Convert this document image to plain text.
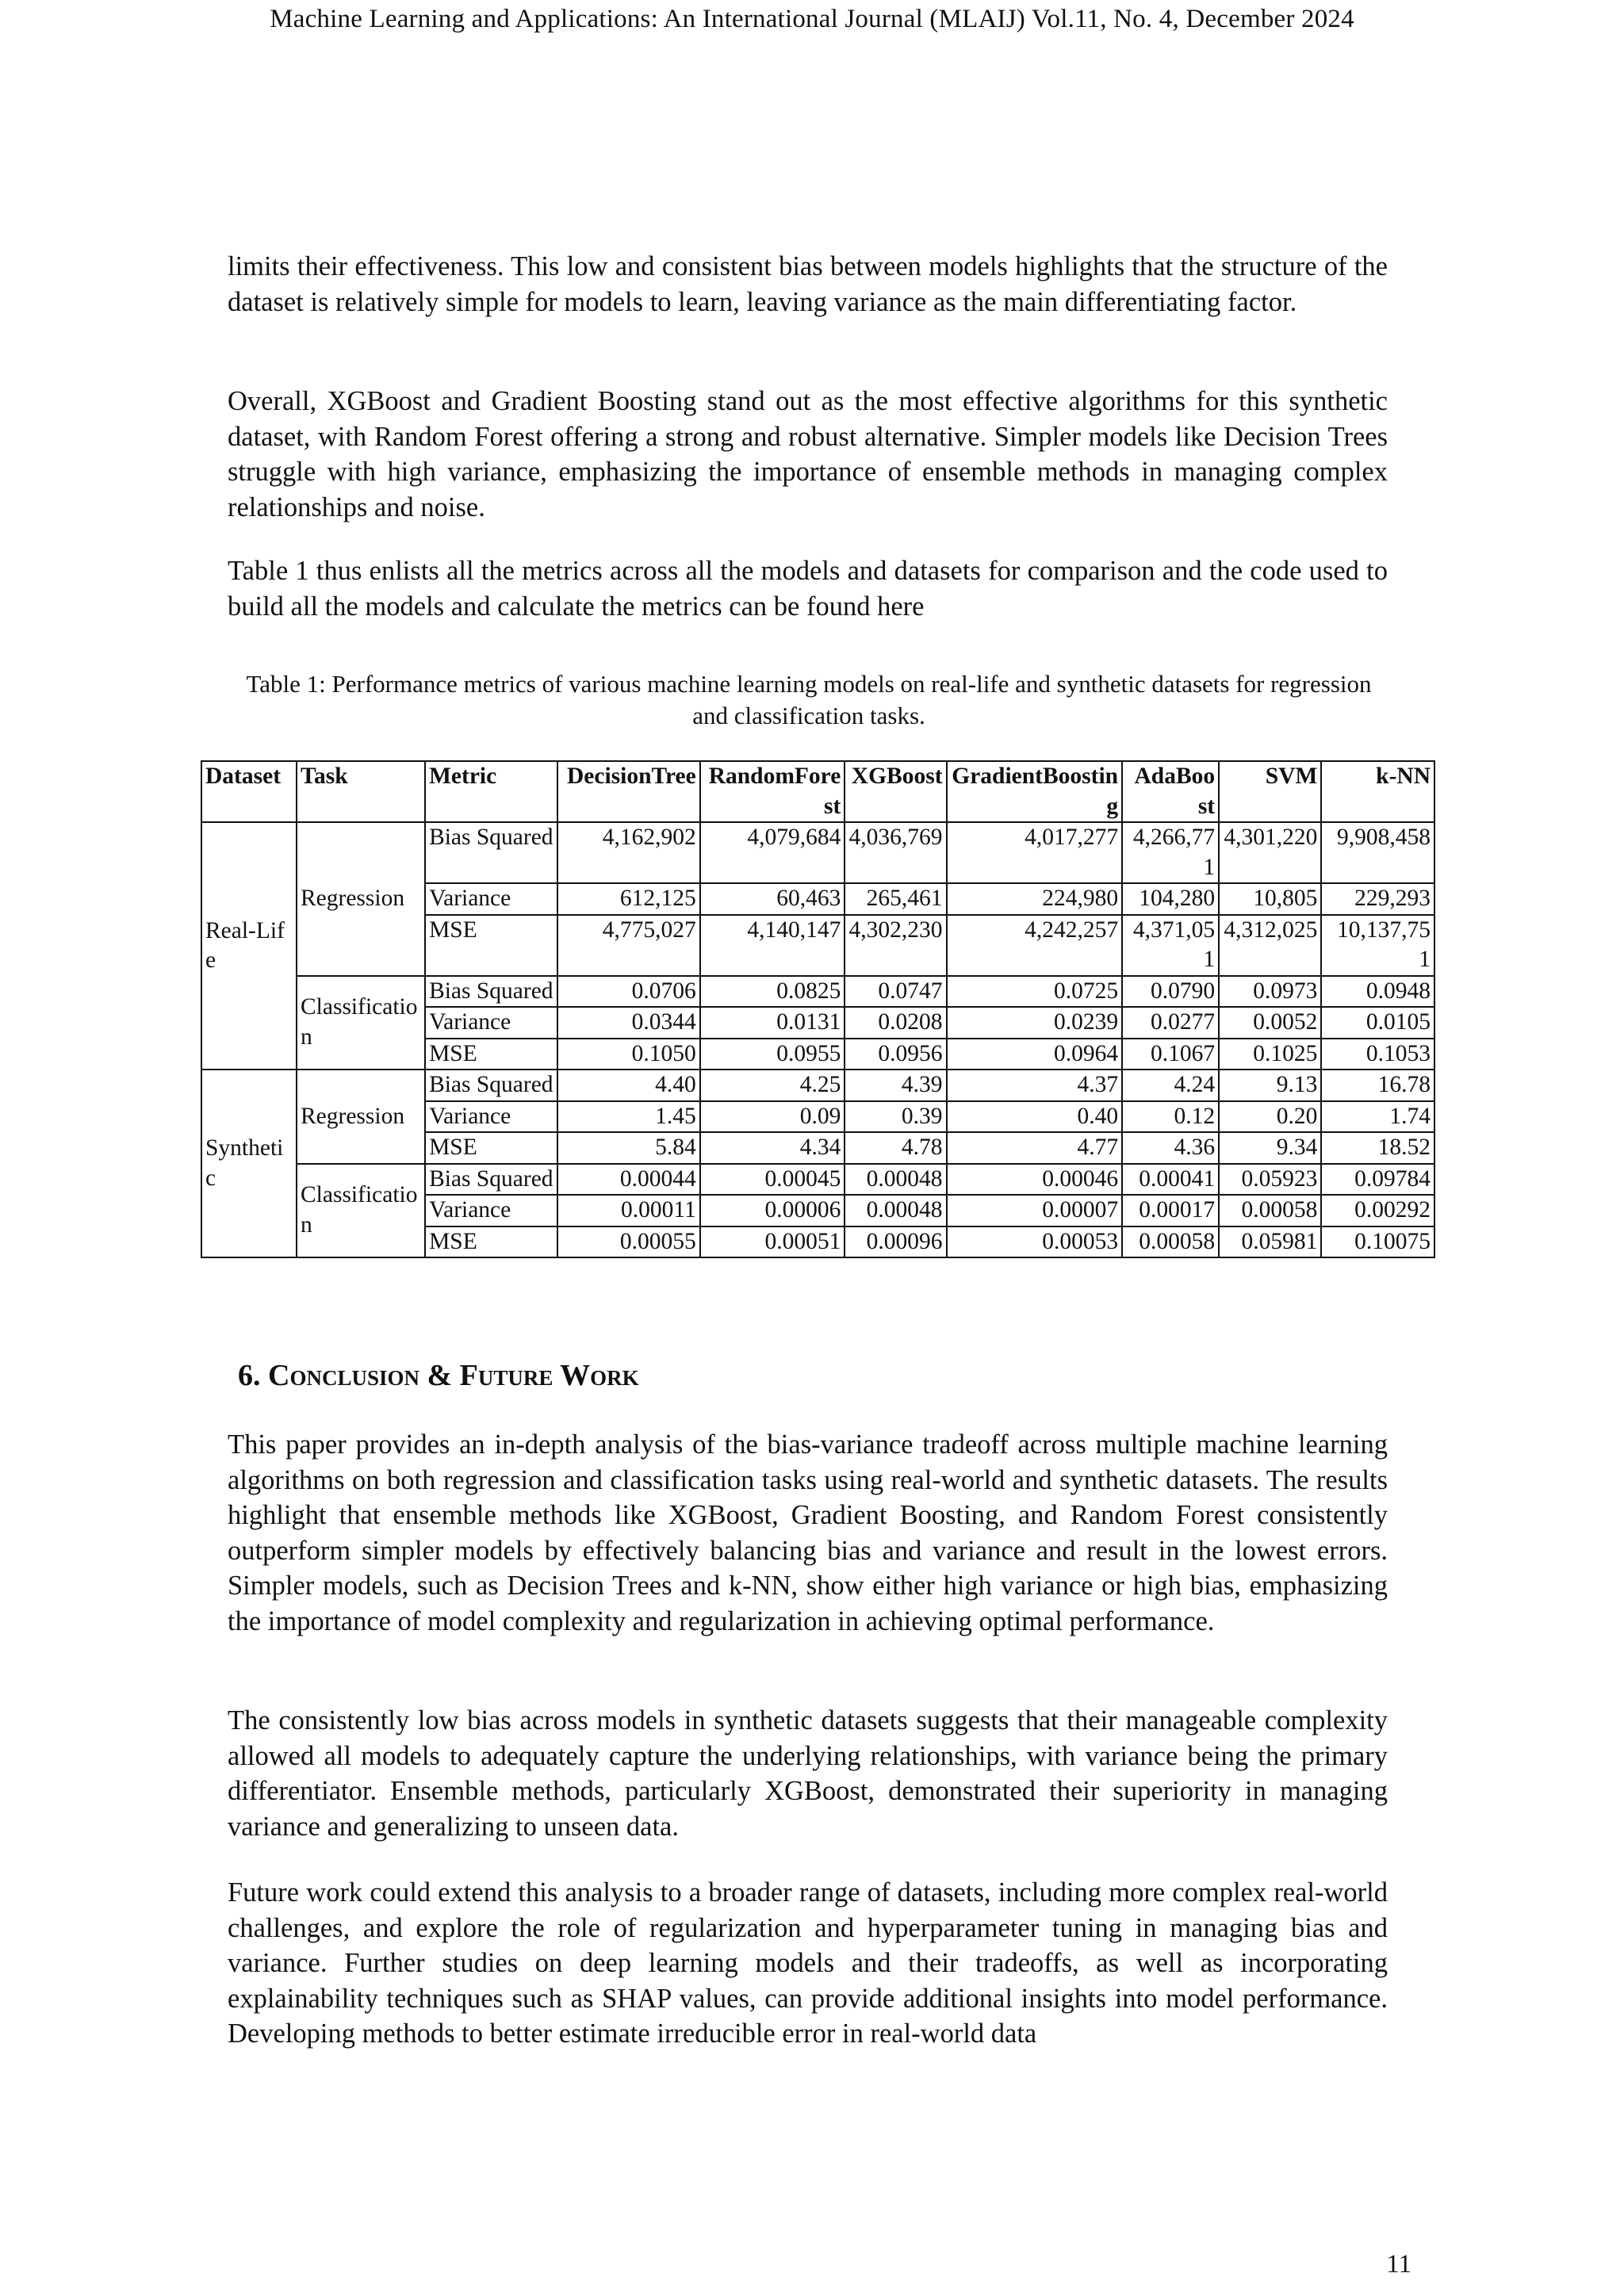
Machine Learning and Applications: An International Journal (MLAIJ) Vol.11, No. 4, December 2024

limits their effectiveness. This low and consistent bias between models highlights that the structure of the dataset is relatively simple for models to learn, leaving variance as the main differentiating factor.

Overall, XGBoost and Gradient Boosting stand out as the most effective algorithms for this synthetic dataset, with Random Forest offering a strong and robust alternative. Simpler models like Decision Trees struggle with high variance, emphasizing the importance of ensemble methods in managing complex relationships and noise.

Table 1 thus enlists all the metrics across all the models and datasets for comparison and the code used to build all the models and calculate the metrics can be found here

Table 1: Performance metrics of various machine learning models on real-life and synthetic datasets for regression and classification tasks.
Dataset	Task	Metric	DecisionTree	RandomForest	XGBoost	GradientBoosting	AdaBoost	SVM	k-NN
Real-Life	Regression	Bias Squared	4,162,902	4,079,684	4,036,769	4,017,277	4,266,771	4,301,220	9,908,458
		Variance	612,125	60,463	265,461	224,980	104,280	10,805	229,293
		MSE	4,775,027	4,140,147	4,302,230	4,242,257	4,371,051	4,312,025	10,137,751
	Classification	Bias Squared	0.0706	0.0825	0.0747	0.0725	0.0790	0.0973	0.0948
		Variance	0.0344	0.0131	0.0208	0.0239	0.0277	0.0052	0.0105
		MSE	0.1050	0.0955	0.0956	0.0964	0.1067	0.1025	0.1053
Synthetic	Regression	Bias Squared	4.40	4.25	4.39	4.37	4.24	9.13	16.78
		Variance	1.45	0.09	0.39	0.40	0.12	0.20	1.74
		MSE	5.84	4.34	4.78	4.77	4.36	9.34	18.52
	Classification	Bias Squared	0.00044	0.00045	0.00048	0.00046	0.00041	0.05923	0.09784
		Variance	0.00011	0.00006	0.00048	0.00007	0.00017	0.00058	0.00292
		MSE	0.00055	0.00051	0.00096	0.00053	0.00058	0.05981	0.10075
6. Conclusion & Future Work

This paper provides an in-depth analysis of the bias-variance tradeoff across multiple machine learning algorithms on both regression and classification tasks using real-world and synthetic datasets. The results highlight that ensemble methods like XGBoost, Gradient Boosting, and Random Forest consistently outperform simpler models by effectively balancing bias and variance and result in the lowest errors. Simpler models, such as Decision Trees and k-NN, show either high variance or high bias, emphasizing the importance of model complexity and regularization in achieving optimal performance.

The consistently low bias across models in synthetic datasets suggests that their manageable complexity allowed all models to adequately capture the underlying relationships, with variance being the primary differentiator. Ensemble methods, particularly XGBoost, demonstrated their superiority in managing variance and generalizing to unseen data.

Future work could extend this analysis to a broader range of datasets, including more complex real-world challenges, and explore the role of regularization and hyperparameter tuning in managing bias and variance. Further studies on deep learning models and their tradeoffs, as well as incorporating explainability techniques such as SHAP values, can provide additional insights into model performance. Developing methods to better estimate irreducible error in real-world data

11
